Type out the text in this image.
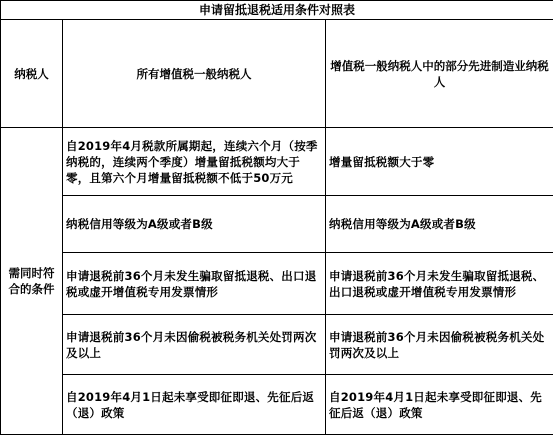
申请留抵退税适用条件对照表		
纳税人	所有增值税一般纳税人	增值税一般纳税人中的部分先进制造业纳税人
需同时符合的条件	自2019年4月税款所属期起，连续六个月（按季纳税的，连续两个季度）增量留抵税额均大于零，且第六个月增量留抵税额不低于50万元	增量留抵税额大于零
	纳税信用等级为A级或者B级	纳税信用等级为A级或者B级
	申请退税前36个月未发生骗取留抵退税、出口退税或虚开增值税专用发票情形	申请退税前36个月未发生骗取留抵退税、出口退税或虚开增值税专用发票情形
	申请退税前36个月未因偷税被税务机关处罚两次及以上	申请退税前36个月未因偷税被税务机关处罚两次及以上
	自2019年4月1日起未享受即征即退、先征后返（退）政策	自2019年4月1日起未享受即征即退、先征后返（退）政策
